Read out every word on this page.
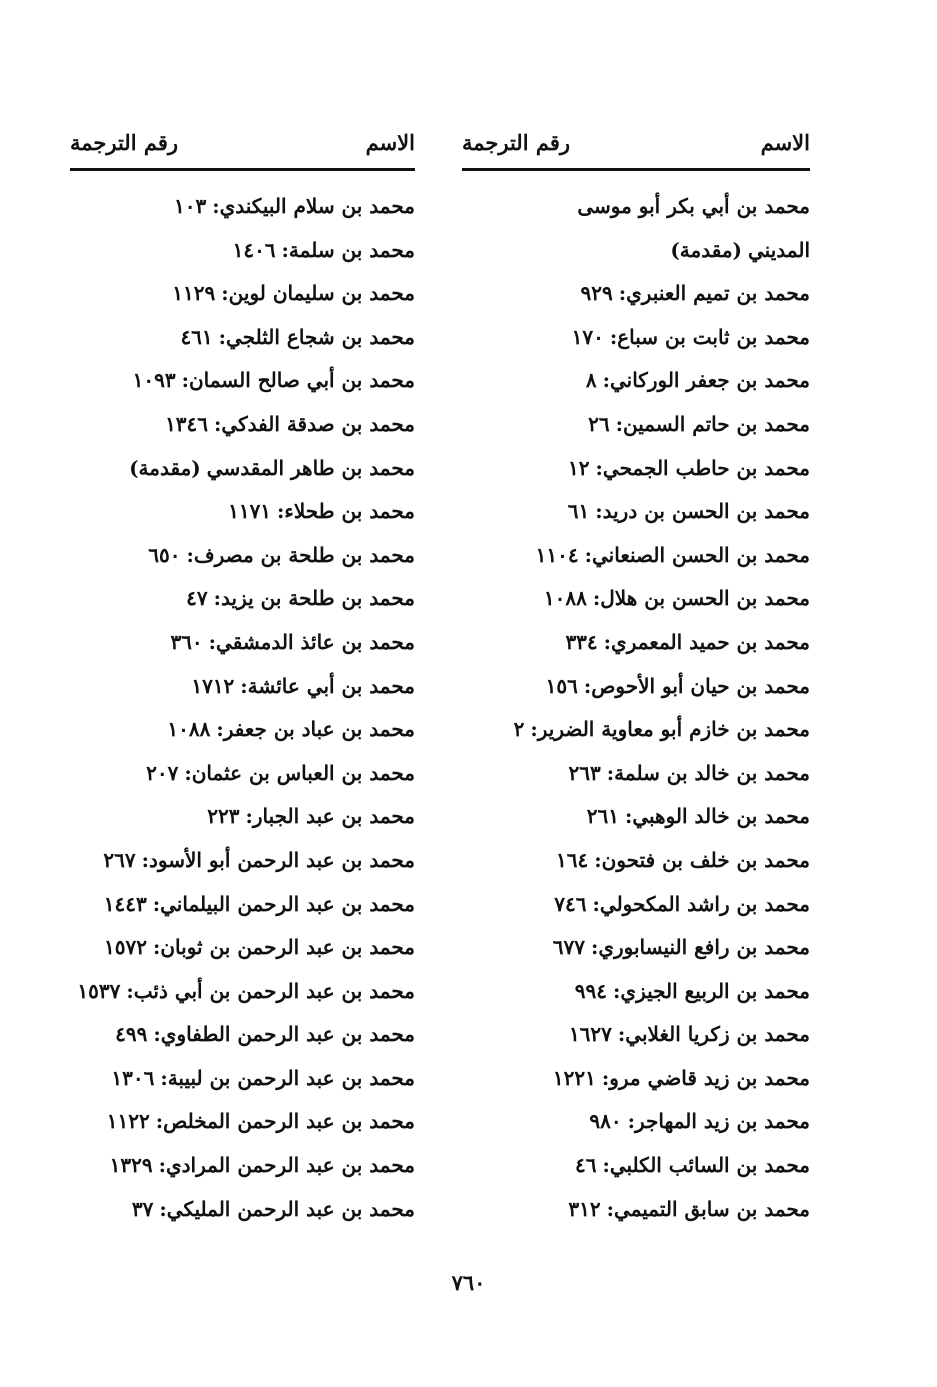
الاسم
رقم الترجمة
محمد بن أبي بكر أبو موسى المديني(مقدمة)
محمد بن تميم العنبري:٩٢٩
محمد بن ثابت بن سباع:١٧٠
محمد بن جعفر الوركاني:٨
محمد بن حاتم السمين:٢٦
محمد بن حاطب الجمحي:١٢
محمد بن الحسن بن دريد:٦١
محمد بن الحسن الصنعاني:١١٠٤
محمد بن الحسن بن هلال:١٠٨٨
محمد بن حميد المعمري:٣٣٤
محمد بن حيان أبو الأحوص:١٥٦
محمد بن خازم أبو معاوية الضرير:٢
محمد بن خالد بن سلمة:٢٦٣
محمد بن خالد الوهبي:٢٦١
محمد بن خلف بن فتحون:١٦٤
محمد بن راشد المكحولي:٧٤٦
محمد بن رافع النيسابوري:٦٧٧
محمد بن الربيع الجيزي:٩٩٤
محمد بن زكريا الغلابي:١٦٢٧
محمد بن زيد قاضي مرو:١٢٢١
محمد بن زيد المهاجر:٩٨٠
محمد بن السائب الكلبي:٤٦
محمد بن سابق التميمي:٣١٢
الاسم
رقم الترجمة
محمد بن سلام البيكندي:١٠٣
محمد بن سلمة:١٤٠٦
محمد بن سليمان لوين:١١٢٩
محمد بن شجاع الثلجي:٤٦١
محمد بن أبي صالح السمان:١٠٩٣
محمد بن صدقة الفدكي:١٣٤٦
محمد بن طاهر المقدسي(مقدمة)
محمد بن طحلاء:١١٧١
محمد بن طلحة بن مصرف:٦٥٠
محمد بن طلحة بن يزيد:٤٧
محمد بن عائذ الدمشقي:٣٦٠
محمد بن أبي عائشة:١٧١٢
محمد بن عباد بن جعفر:١٠٨٨
محمد بن العباس بن عثمان:٢٠٧
محمد بن عبد الجبار:٢٢٣
محمد بن عبد الرحمن أبو الأسود:٢٦٧
محمد بن عبد الرحمن البيلماني:١٤٤٣
محمد بن عبد الرحمن بن ثوبان:١٥٧٢
محمد بن عبد الرحمن بن أبي ذئب:١٥٣٧
محمد بن عبد الرحمن الطفاوي:٤٩٩
محمد بن عبد الرحمن بن لبيبة:١٣٠٦
محمد بن عبد الرحمن المخلص:١١٢٢
محمد بن عبد الرحمن المرادي:١٣٢٩
محمد بن عبد الرحمن المليكي:٣٧
٧٦٠
